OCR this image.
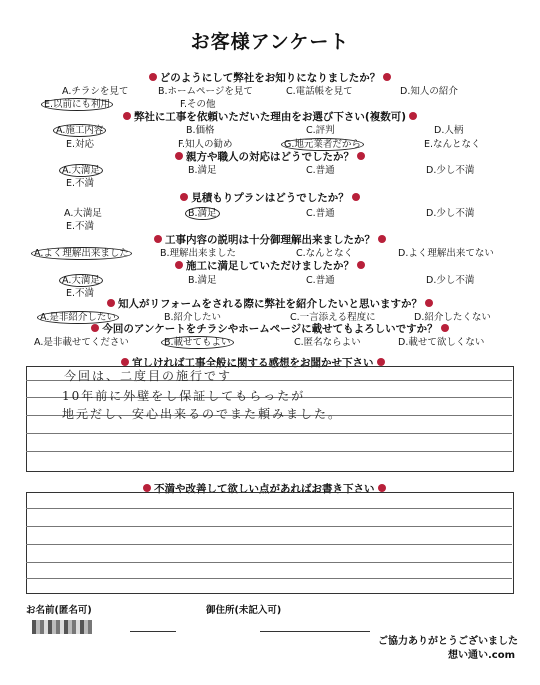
お客様アンケート
どのようにして弊社をお知りになりましたか？
A.チラシを見て	B.ホームページを見て	C.電話帳を見て	D.知人の紹介
E.以前にも利用	F.その他
弊社に工事を依頼いただいた理由をお選び下さい(複数可)
A.施工内容	B.価格	C.評判	D.人柄
E.対応	F.知人の勧め	G.地元業者だから	E.なんとなく
親方や職人の対応はどうでしたか？
A.大満足	B.満足	C.普通	D.少し不満
E.不満
見積もりプランはどうでしたか？
A.大満足	B.満足	C.普通	D.少し不満
E.不満
工事内容の説明は十分御理解出来ましたか？
A.よく理解出来ました	B.理解出来ました	C.なんとなく	D.よく理解出来てない
施工に満足していただけましたか？
A.大満足	B.満足	C.普通	D.少し不満
E.不満
知人がリフォームをされる際に弊社を紹介したいと思いますか？
A.是非紹介したい	B.紹介したい	C.一言添える程度に	D.紹介したくない
今回のアンケートをチラシやホームページに載せてもよろしいですか？
A.是非載せてください	B.載せてもよい	C.匿名ならよい	D.載せて欲しくない
宜しければ工事全般に関する感想をお聞かせ下さい
今回は、二度目の施行です
10年前に外壁をし保証してもらったが
地元だし、安心出来るのでまた頼みました。
不満や改善して欲しい点があればお書き下さい
お名前(匿名可)	御住所(未記入可)
ご協力ありがとうございました
想い通い.com
